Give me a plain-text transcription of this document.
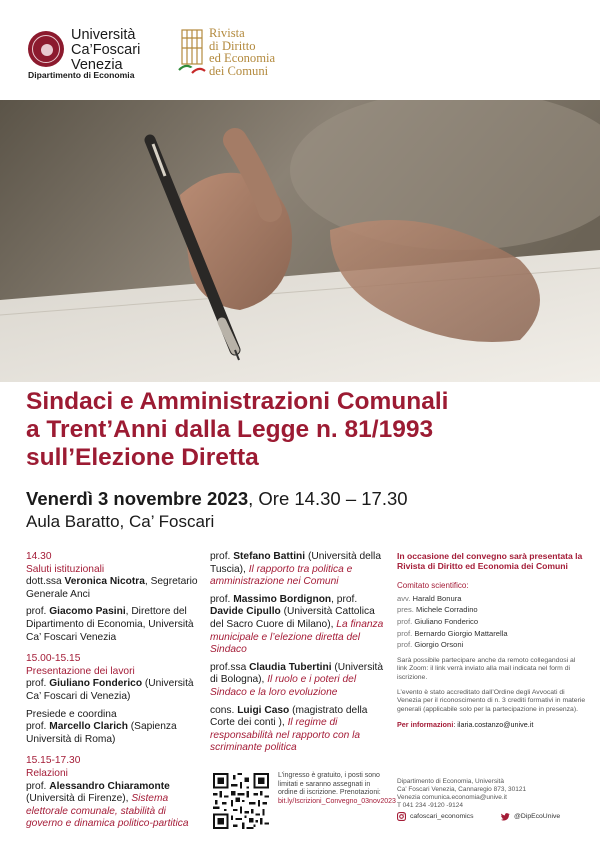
Università
Ca’Foscari
Venezia
Dipartimento di Economia
Rivista
di Diritto
ed Economia
dei Comuni
Sindaci e Amministrazioni Comunali
a Trent’Anni dalla Legge n. 81/1993
sull’Elezione Diretta
Venerdì 3 novembre 2023, Ore 14.30 – 17.30
Aula Baratto, Ca’ Foscari
14.30
Saluti istituzionali
dott.ssa Veronica Nicotra, Segretario Generale Anci
prof. Giacomo Pasini, Direttore del Dipartimento di Economia, Università Ca’ Foscari Venezia
15.00-15.15
Presentazione dei lavori
prof. Giuliano Fonderico (Università Ca’ Foscari di Venezia)
Presiede e coordina
prof. Marcello Clarich (Sapienza Università di Roma)
15.15-17.30
Relazioni
prof. Alessandro Chiaramonte (Università di Firenze), Sistema elettorale comunale, stabilità di governo e dinamica politico-partitica
prof. Stefano Battini (Università della Tuscia), Il rapporto tra politica e amministrazione nei Comuni
prof. Massimo Bordignon, prof. Davide Cipullo (Università Cattolica del Sacro Cuore di Milano), La finanza municipale e l’elezione diretta del Sindaco
prof.ssa Claudia Tubertini (Università di Bologna), Il ruolo e i poteri del Sindaco e la loro evoluzione
cons. Luigi Caso (magistrato della Corte dei conti ), Il regime di responsabilità nel rapporto con la scriminante politica
In occasione del convegno sarà presentata la Rivista di Diritto ed Economia dei Comuni
Comitato scientifico:
avv. Harald Bonura
pres. Michele Corradino
prof. Giuliano Fonderico
prof. Bernardo Giorgio Mattarella
prof. Giorgio Orsoni
Sarà possibile partecipare anche da remoto collegandosi al link Zoom: il link verrà inviato alla mail indicata nel form di iscrizione.
L’evento è stato accreditato dall’Ordine degli Avvocati di Venezia per il riconoscimento di n. 3 crediti formativi in materie generali (applicabile solo per la partecipazione in presenza).
Per informazioni: ilaria.costanzo@unive.it
L’ingresso è gratuito, i posti sono limitati e saranno assegnati in ordine di iscrizione. Prenotazioni: bit.ly/Iscrizioni_Convegno_03nov2023
Dipartimento di Economia, Università
Ca’ Foscari Venezia, Cannaregio 873, 30121
Venezia comunica.economia@unive.it
T 041 234 -9120 -9124
cafoscari_economics	@DipEcoUnive
